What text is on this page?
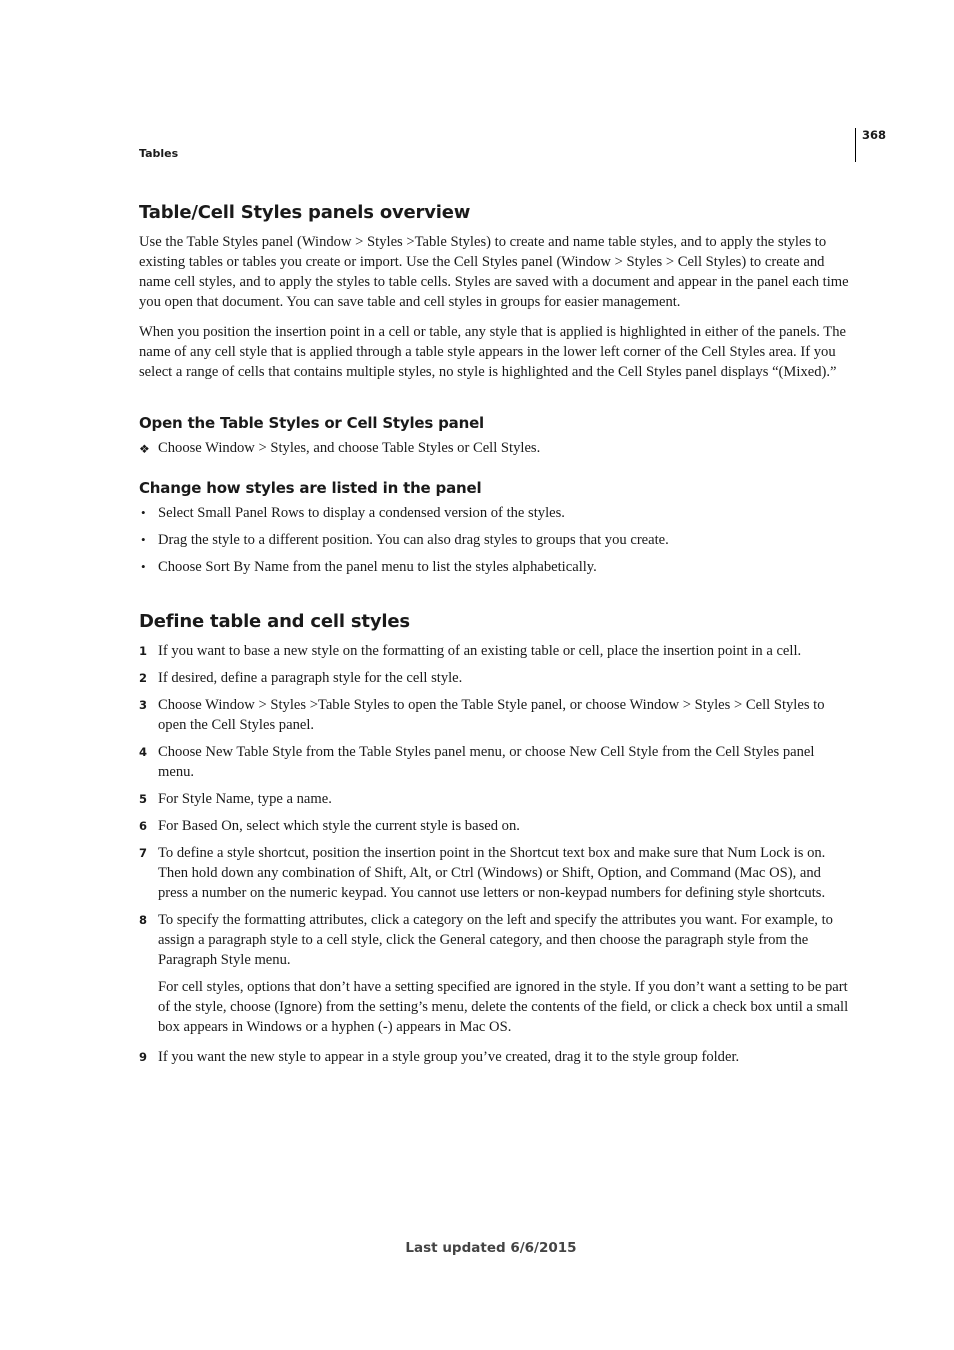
368
Tables
Table/Cell Styles panels overview

Use the Table Styles panel (Window > Styles >Table Styles) to create and name table styles, and to apply the styles to existing tables or tables you create or import. Use the Cell Styles panel (Window > Styles > Cell Styles) to create and name cell styles, and to apply the styles to table cells. Styles are saved with a document and appear in the panel each time you open that document. You can save table and cell styles in groups for easier management.

When you position the insertion point in a cell or table, any style that is applied is highlighted in either of the panels. The name of any cell style that is applied through a table style appears in the lower left corner of the Cell Styles area. If you select a range of cells that contains multiple styles, no style is highlighted and the Cell Styles panel displays “(Mixed).”

Open the Table Styles or Cell Styles panel
❖ Choose Window > Styles, and choose Table Styles or Cell Styles.
Change how styles are listed in the panel
• Select Small Panel Rows to display a condensed version of the styles.
• Drag the style to a different position. You can also drag styles to groups that you create.
• Choose Sort By Name from the panel menu to list the styles alphabetically.
Define table and cell styles
1 If you want to base a new style on the formatting of an existing table or cell, place the insertion point in a cell.
2 If desired, define a paragraph style for the cell style.
3 Choose Window > Styles >Table Styles to open the Table Style panel, or choose Window > Styles > Cell Styles to open the Cell Styles panel.
4 Choose New Table Style from the Table Styles panel menu, or choose New Cell Style from the Cell Styles panel menu.
5 For Style Name, type a name.
6 For Based On, select which style the current style is based on.
7 To define a style shortcut, position the insertion point in the Shortcut text box and make sure that Num Lock is on. Then hold down any combination of Shift, Alt, or Ctrl (Windows) or Shift, Option, and Command (Mac OS), and press a number on the numeric keypad. You cannot use letters or non-keypad numbers for defining style shortcuts.
8 To specify the formatting attributes, click a category on the left and specify the attributes you want. For example, to assign a paragraph style to a cell style, click the General category, and then choose the paragraph style from the Paragraph Style menu.
For cell styles, options that don’t have a setting specified are ignored in the style. If you don’t want a setting to be part of the style, choose (Ignore) from the setting’s menu, delete the contents of the field, or click a check box until a small box appears in Windows or a hyphen (-) appears in Mac OS.
9 If you want the new style to appear in a style group you’ve created, drag it to the style group folder.
Last updated 6/6/2015
